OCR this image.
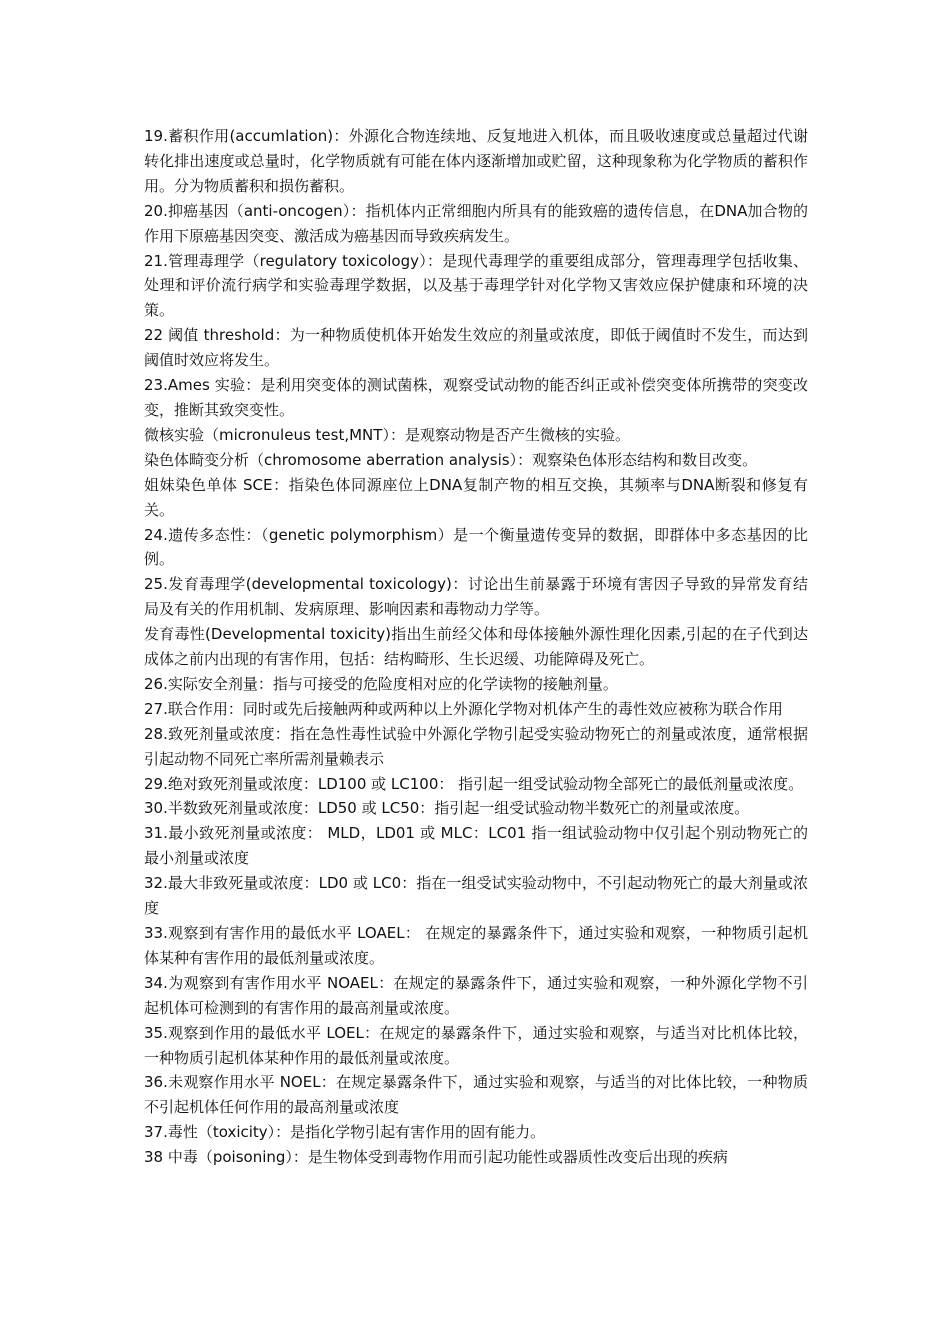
19.蓄积作用(accumlation)：外源化合物连续地、反复地进入机体，而且吸收速度或总量超过代谢转化排出速度或总量时，化学物质就有可能在体内逐渐增加或贮留，这种现象称为化学物质的蓄积作用。分为物质蓄积和损伤蓄积。

20.抑癌基因（anti-oncogen）：指机体内正常细胞内所具有的能致癌的遗传信息，在DNA加合物的作用下原癌基因突变、激活成为癌基因而导致疾病发生。

21.管理毒理学（regulatory toxicology）：是现代毒理学的重要组成部分，管理毒理学包括收集、处理和评价流行病学和实验毒理学数据，以及基于毒理学针对化学物又害效应保护健康和环境的决策。

22 阈值 threshold：为一种物质使机体开始发生效应的剂量或浓度，即低于阈值时不发生，而达到阈值时效应将发生。

23.Ames 实验：是利用突变体的测试菌株，观察受试动物的能否纠正或补偿突变体所携带的突变改变，推断其致突变性。

微核实验（micronuleus test,MNT）：是观察动物是否产生微核的实验。

染色体畸变分析（chromosome aberration analysis）：观察染色体形态结构和数目改变。

姐妹染色单体 SCE：指染色体同源座位上DNA复制产物的相互交换，其频率与DNA断裂和修复有关。

24.遗传多态性：（genetic polymorphism）是一个衡量遗传变异的数据，即群体中多态基因的比例。

25.发育毒理学(developmental toxicology)：讨论出生前暴露于环境有害因子导致的异常发育结局及有关的作用机制、发病原理、影响因素和毒物动力学等。

发育毒性(Developmental toxicity)指出生前经父体和母体接触外源性理化因素,引起的在子代到达成体之前内出现的有害作用，包括：结构畸形、生长迟缓、功能障碍及死亡。

26.实际安全剂量：指与可接受的危险度相对应的化学读物的接触剂量。

27.联合作用：同时或先后接触两种或两种以上外源化学物对机体产生的毒性效应被称为联合作用

28.致死剂量或浓度：指在急性毒性试验中外源化学物引起受实验动物死亡的剂量或浓度，通常根据引起动物不同死亡率所需剂量赖表示

29.绝对致死剂量或浓度：LD100 或 LC100： 指引起一组受试验动物全部死亡的最低剂量或浓度。

30.半数致死剂量或浓度：LD50 或 LC50：指引起一组受试验动物半数死亡的剂量或浓度。

31.最小致死剂量或浓度： MLD，LD01 或 MLC：LC01 指一组试验动物中仅引起个别动物死亡的最小剂量或浓度

32.最大非致死量或浓度：LD0 或 LC0：指在一组受试实验动物中，不引起动物死亡的最大剂量或浓度

33.观察到有害作用的最低水平 LOAEL： 在规定的暴露条件下，通过实验和观察，一种物质引起机体某种有害作用的最低剂量或浓度。

34.为观察到有害作用水平 NOAEL：在规定的暴露条件下，通过实验和观察，一种外源化学物不引起机体可检测到的有害作用的最高剂量或浓度。

35.观察到作用的最低水平 LOEL：在规定的暴露条件下，通过实验和观察，与适当对比机体比较，一种物质引起机体某种作用的最低剂量或浓度。

36.未观察作用水平 NOEL：在规定暴露条件下，通过实验和观察，与适当的对比体比较，一种物质不引起机体任何作用的最高剂量或浓度

37.毒性（toxicity）：是指化学物引起有害作用的固有能力。

38 中毒（poisoning）：是生物体受到毒物作用而引起功能性或器质性改变后出现的疾病
